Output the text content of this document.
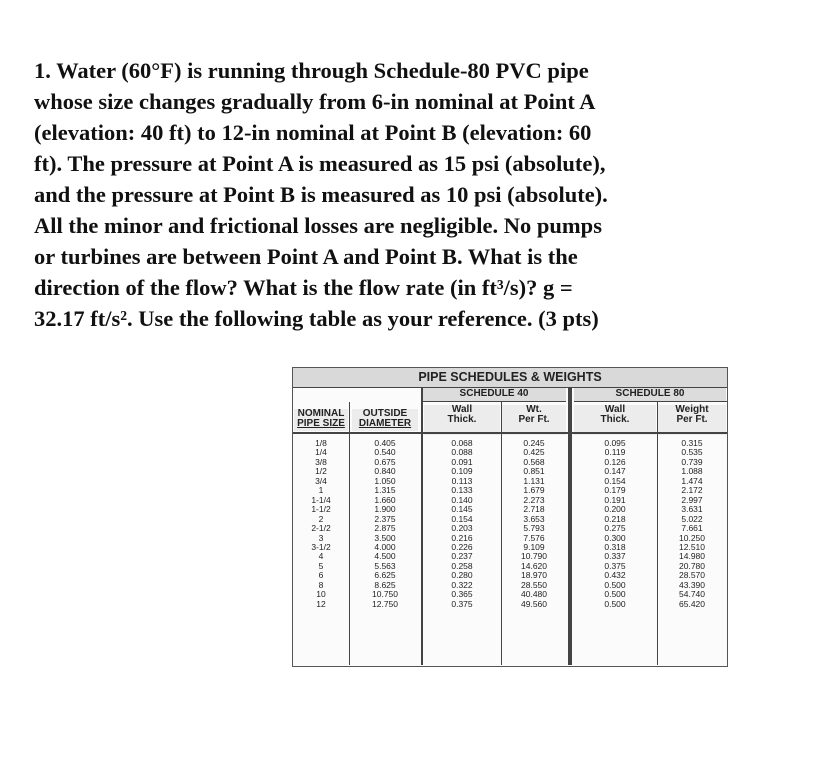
1. Water (60°F) is running through Schedule-80 PVC pipe
whose size changes gradually from 6-in nominal at Point A
(elevation: 40 ft) to 12-in nominal at Point B (elevation: 60
ft). The pressure at Point A is measured as 15 psi (absolute),
and the pressure at Point B is measured as 10 psi (absolute).
All the minor and frictional losses are negligible. No pumps
or turbines are between Point A and Point B. What is the
direction of the flow? What is the flow rate (in ft³/s)? g =
32.17 ft/s². Use the following table as your reference. (3 pts)
PIPE SCHEDULES & WEIGHTS
SCHEDULE 40	SCHEDULE 80
NOMINAL
PIPE SIZE
OUTSIDE
DIAMETER
Wall
Thick.
Wt.
Per Ft.
Wall
Thick.
Weight
Per Ft.
1/8
1/4
3/8
1/2
3/4
1
1-1/4
1-1/2
2
2-1/2
3
3-1/2
4
5
6
8
10
12
0.405
0.540
0.675
0.840
1.050
1.315
1.660
1.900
2.375
2.875
3.500
4.000
4.500
5.563
6.625
8.625
10.750
12.750
0.068
0.088
0.091
0.109
0.113
0.133
0.140
0.145
0.154
0.203
0.216
0.226
0.237
0.258
0.280
0.322
0.365
0.375
0.245
0.425
0.568
0.851
1.131
1.679
2.273
2.718
3.653
5.793
7.576
9.109
10.790
14.620
18.970
28.550
40.480
49.560
0.095
0.119
0.126
0.147
0.154
0.179
0.191
0.200
0.218
0.275
0.300
0.318
0.337
0.375
0.432
0.500
0.500
0.500
0.315
0.535
0.739
1.088
1.474
2.172
2.997
3.631
5.022
7.661
10.250
12.510
14.980
20.780
28.570
43.390
54.740
65.420
